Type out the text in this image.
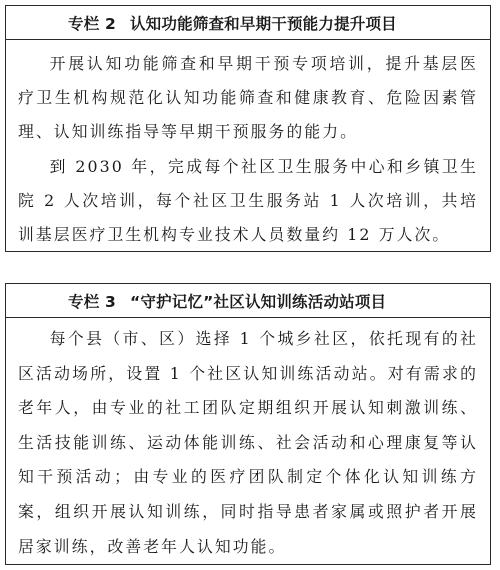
专栏 2 认知功能筛查和早期干预能力提升项目

开展认知功能筛查和早期干预专项培训，提升基层医疗卫生机构规范化认知功能筛查和健康教育、危险因素管理、认知训练指导等早期干预服务的能力。

到 2030 年，完成每个社区卫生服务中心和乡镇卫生院 2 人次培训，每个社区卫生服务站 1 人次培训，共培训基层医疗卫生机构专业技术人员数量约 12 万人次。

专栏 3 “守护记忆”社区认知训练活动站项目

每个县（市、区）选择 1 个城乡社区，依托现有的社区活动场所，设置 1 个社区认知训练活动站。对有需求的老年人，由专业的社工团队定期组织开展认知刺激训练、生活技能训练、运动体能训练、社会活动和心理康复等认知干预活动；由专业的医疗团队制定个体化认知训练方案，组织开展认知训练，同时指导患者家属或照护者开展居家训练，改善老年人认知功能。
